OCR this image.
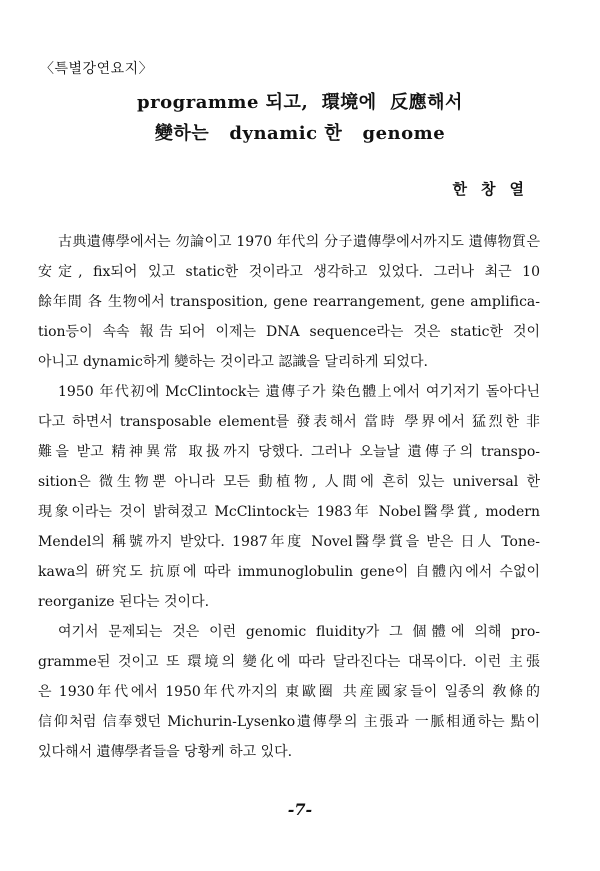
〈특별강연요지〉
programme 되고,  環境에  反應해서
變하는   dynamic 한   genome
한창열
古典遺傳學에서는 勿論이고 1970 年代의 分子遺傳學에서까지도 遺傳物質은
安定, fix되어 있고 static한 것이라고 생각하고 있었다. 그러나 최근 10
餘年間 各 生物에서 transposition, gene rearrangement, gene amplifica-
tion등이 속속 報告되어 이제는 DNA sequence라는 것은 static한 것이
아니고 dynamic하게 變하는 것이라고 認識을 달리하게 되었다.
1950 年代初에 McClintock는 遺傳子가 染色體上에서 여기저기 돌아다닌
다고 하면서 transposable element를 發表해서 當時 學界에서 猛烈한 非
難을 받고 精神異常 取扱까지 당했다. 그러나 오늘날 遺傳子의 transpo-
sition은 微生物뿐 아니라 모든 動植物, 人間에 흔히 있는 universal 한
現象이라는 것이 밝혀졌고 McClintock는 1983年 Nobel醫學賞, modern
Mendel의 稱號까지 받았다. 1987年度 Novel醫學賞을 받은 日人 Tone-
kawa의 硏究도 抗原에 따라 immunoglobulin gene이 自體內에서 수없이
reorganize 된다는 것이다.
여기서 문제되는 것은 이런 genomic fluidity가 그 個體에 의해 pro-
gramme된 것이고 또 環境의 變化에 따라 달라진다는 대목이다. 이런 主張
은 1930年代에서 1950年代까지의 東歐圈 共産國家들이 일종의 敎條的
信仰처럼 信奉했던 Michurin-Lysenko遺傳學의 主張과 一脈相通하는 點이
있다해서 遺傳學者들을 당황케 하고 있다.
-7-
